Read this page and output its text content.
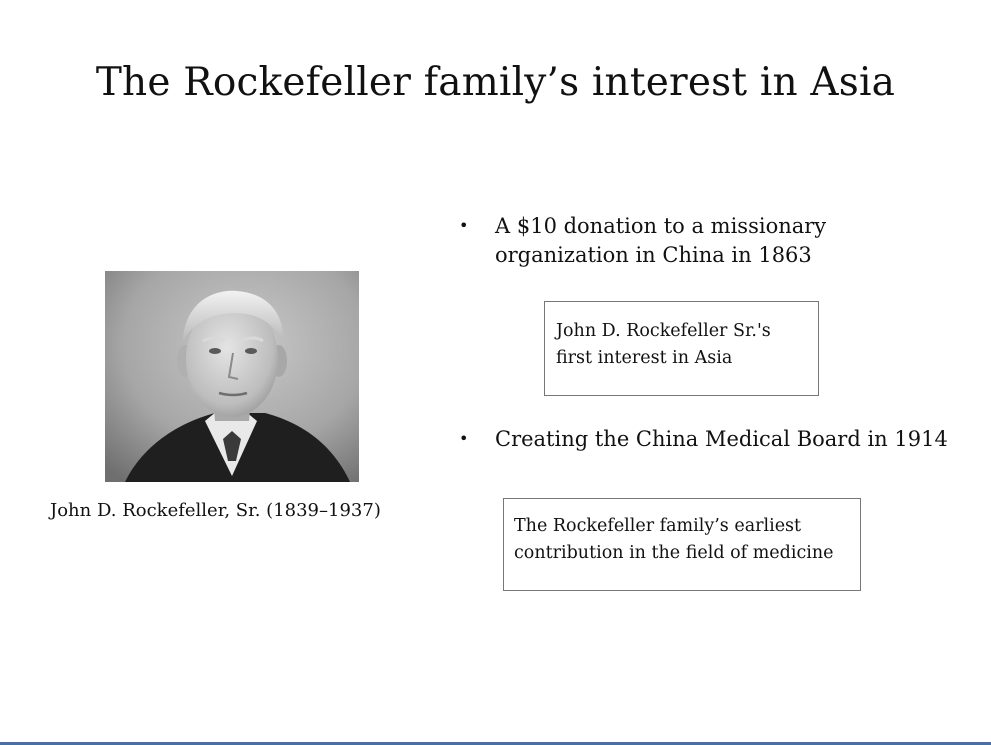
The Rockefeller family’s interest in Asia
John D. Rockefeller, Sr. (1839–1937)
• A $10 donation to a missionary organization in China in 1863
John D. Rockefeller Sr.'s first interest in Asia
• Creating the China Medical Board in 1914
The Rockefeller family’s earliest contribution in the field of medicine
